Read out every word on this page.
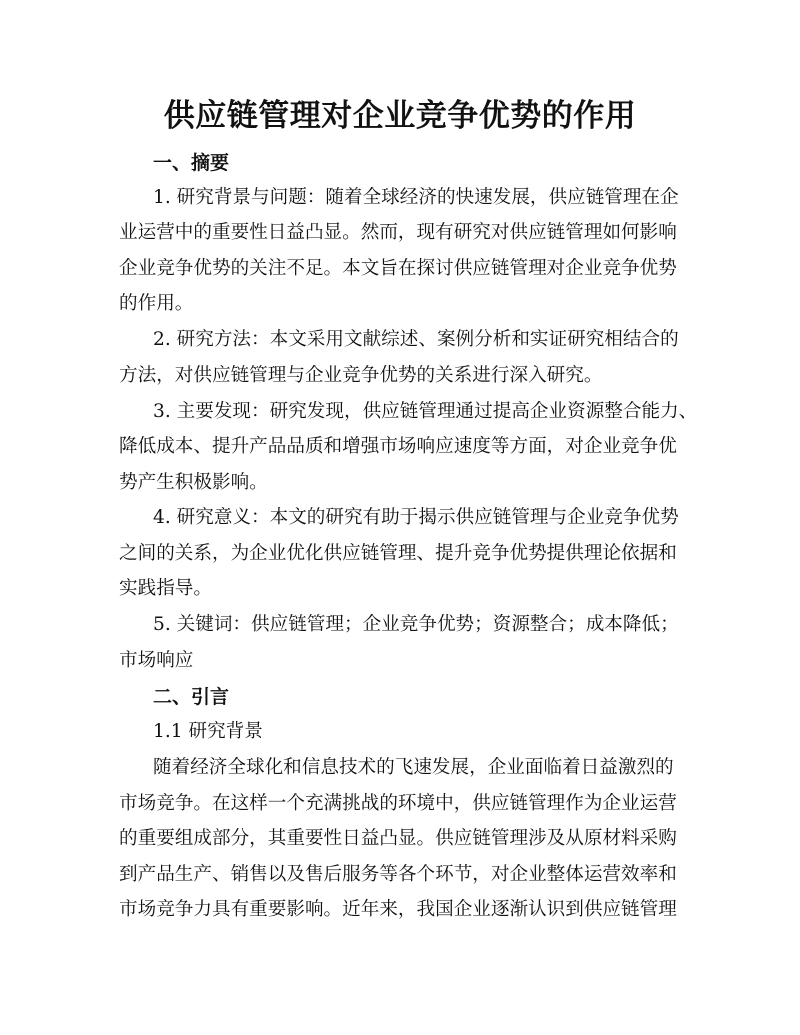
供应链管理对企业竞争优势的作用
一、摘要
1. 研究背景与问题：随着全球经济的快速发展，供应链管理在企
业运营中的重要性日益凸显。然而，现有研究对供应链管理如何影响
企业竞争优势的关注不足。本文旨在探讨供应链管理对企业竞争优势
的作用。
2. 研究方法：本文采用文献综述、案例分析和实证研究相结合的
方法，对供应链管理与企业竞争优势的关系进行深入研究。
3. 主要发现：研究发现，供应链管理通过提高企业资源整合能力、
降低成本、提升产品品质和增强市场响应速度等方面，对企业竞争优
势产生积极影响。
4. 研究意义：本文的研究有助于揭示供应链管理与企业竞争优势
之间的关系，为企业优化供应链管理、提升竞争优势提供理论依据和
实践指导。
5. 关键词：供应链管理；企业竞争优势；资源整合；成本降低；
市场响应
二、引言
1.1 研究背景
随着经济全球化和信息技术的飞速发展，企业面临着日益激烈的
市场竞争。在这样一个充满挑战的环境中，供应链管理作为企业运营
的重要组成部分，其重要性日益凸显。供应链管理涉及从原材料采购
到产品生产、销售以及售后服务等各个环节，对企业整体运营效率和
市场竞争力具有重要影响。近年来，我国企业逐渐认识到供应链管理
